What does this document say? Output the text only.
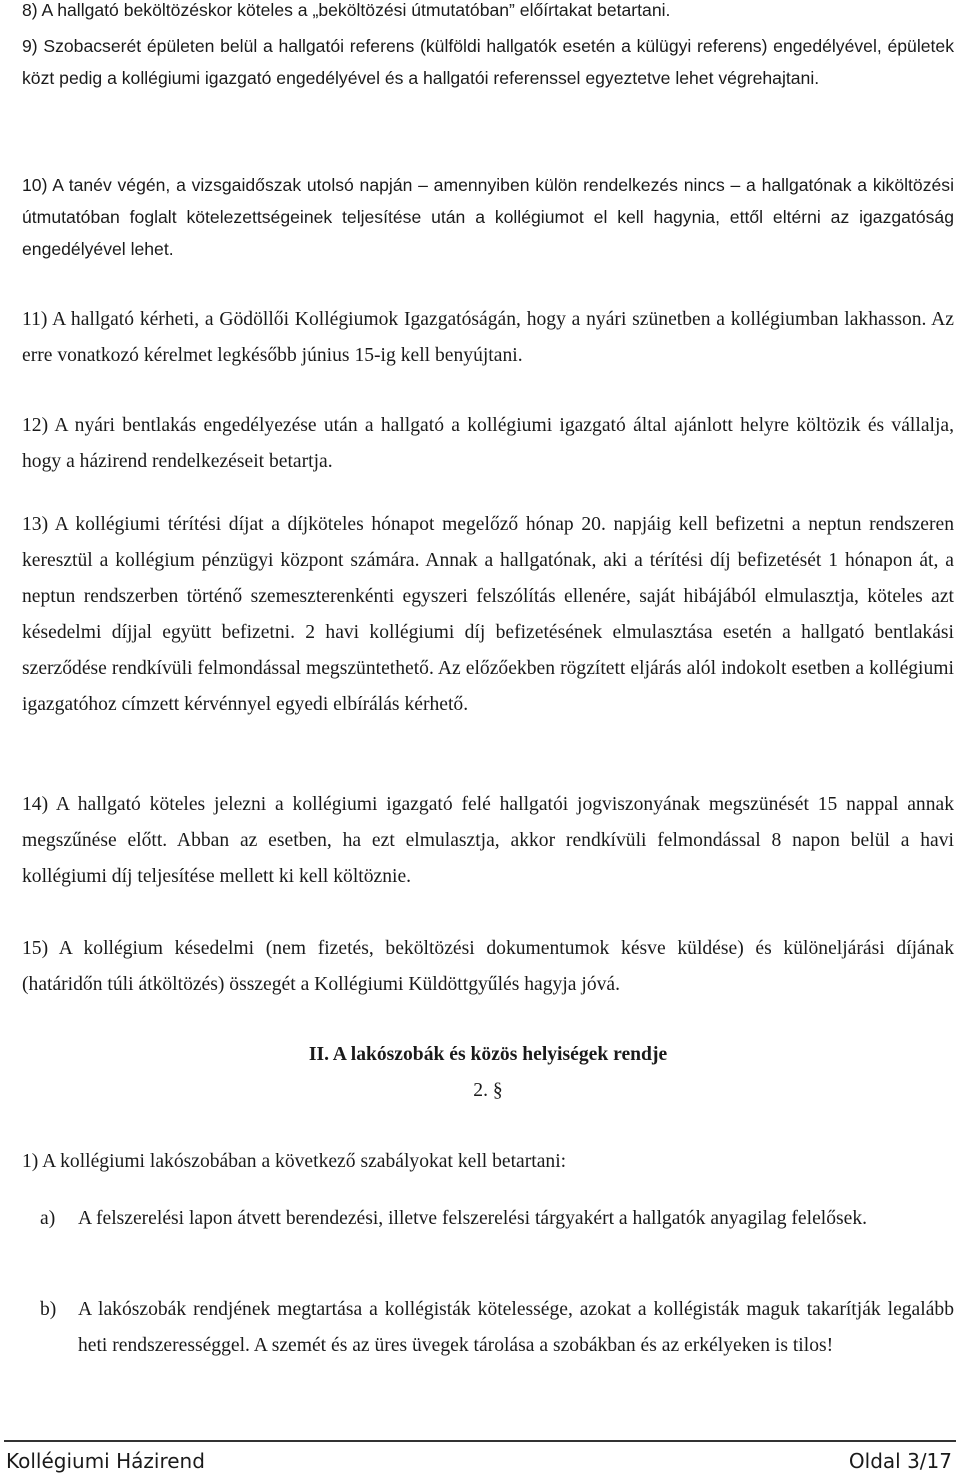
8) A hallgató beköltözéskor köteles a „beköltözési útmutatóban” előírtakat betartani.

9) Szobacserét épületen belül a hallgatói referens (külföldi hallgatók esetén a külügyi referens) engedélyével, épületek közt pedig a kollégiumi igazgató engedélyével és a hallgatói referenssel egyeztetve lehet végrehajtani.

10) A tanév végén, a vizsgaidőszak utolsó napján – amennyiben külön rendelkezés nincs – a hallgatónak a kiköltözési útmutatóban foglalt kötelezettségeinek teljesítése után a kollégiumot el kell hagynia, ettől eltérni az igazgatóság engedélyével lehet.

11) A hallgató kérheti, a Gödöllői Kollégiumok Igazgatóságán, hogy a nyári szünetben a kollégiumban lakhasson. Az erre vonatkozó kérelmet legkésőbb június 15-ig kell benyújtani.

12) A nyári bentlakás engedélyezése után a hallgató a kollégiumi igazgató által ajánlott helyre költözik és vállalja, hogy a házirend rendelkezéseit betartja.

13) A kollégiumi térítési díjat a díjköteles hónapot megelőző hónap 20. napjáig kell befizetni a neptun rendszeren keresztül a kollégium pénzügyi központ számára. Annak a hallgatónak, aki a térítési díj befizetését 1 hónapon át, a neptun rendszerben történő szemeszterenkénti egyszeri felszólítás ellenére, saját hibájából elmulasztja, köteles azt késedelmi díjjal együtt befizetni. 2 havi kollégiumi díj befizetésének elmulasztása esetén a hallgató bentlakási szerződése rendkívüli felmondással megszüntethető. Az előzőekben rögzített eljárás alól indokolt esetben a kollégiumi igazgatóhoz címzett kérvénnyel egyedi elbírálás kérhető.

14) A hallgató köteles jelezni a kollégiumi igazgató felé hallgatói jogviszonyának megszünését 15 nappal annak megszűnése előtt. Abban az esetben, ha ezt elmulasztja, akkor rendkívüli felmondással 8 napon belül a havi kollégiumi díj teljesítése mellett ki kell költöznie.

15) A kollégium késedelmi (nem fizetés, beköltözési dokumentumok késve küldése) és különeljárási díjának (határidőn túli átköltözés) összegét a Kollégiumi Küldöttgyűlés hagyja jóvá.

II. A lakószobák és közös helyiségek rendje
2. §

1) A kollégiumi lakószobában a következő szabályokat kell betartani:

a) A felszerelési lapon átvett berendezési, illetve felszerelési tárgyakért a hallgatók anyagilag felelősek.
b) A lakószobák rendjének megtartása a kollégisták kötelessége, azokat a kollégisták maguk takarítják legalább heti rendszerességgel. A szemét és az üres üvegek tárolása a szobákban és az erkélyeken is tilos!
Kollégiumi Házirend	Oldal 3/17
